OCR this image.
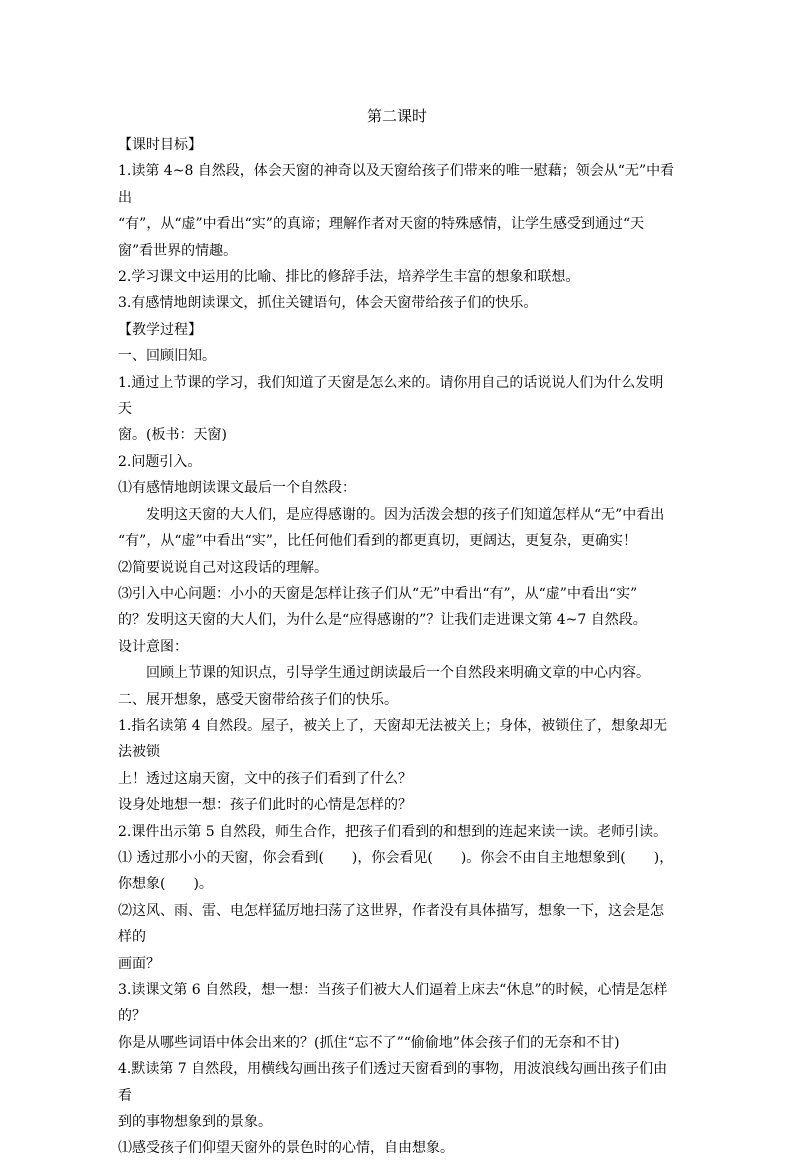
第二课时

【课时目标】

1.读第 4~8 自然段，体会天窗的神奇以及天窗给孩子们带来的唯一慰藉；领会从“无”中看出

“有”，从“虚”中看出“实”的真谛；理解作者对天窗的特殊感情，让学生感受到通过“天

窗”看世界的情趣。

2.学习课文中运用的比喻、排比的修辞手法，培养学生丰富的想象和联想。

3.有感情地朗读课文，抓住关键语句，体会天窗带给孩子们的快乐。

【教学过程】

一、回顾旧知。

1.通过上节课的学习，我们知道了天窗是怎么来的。请你用自己的话说说人们为什么发明天

窗。(板书：天窗)

2.问题引入。

⑴有感情地朗读课文最后一个自然段：

发明这天窗的大人们，是应得感谢的。因为活泼会想的孩子们知道怎样从“无”中看出

“有”，从“虚”中看出“实”，比任何他们看到的都更真切，更阔达，更复杂，更确实！

⑵简要说说自己对这段话的理解。

⑶引入中心问题：小小的天窗是怎样让孩子们从“无”中看出“有”，从“虚”中看出“实”

的？发明这天窗的大人们，为什么是“应得感谢的”？让我们走进课文第 4~7 自然段。

设计意图：

回顾上节课的知识点，引导学生通过朗读最后一个自然段来明确文章的中心内容。

二、展开想象，感受天窗带给孩子们的快乐。

1.指名读第 4 自然段。屋子，被关上了，天窗却无法被关上；身体，被锁住了，想象却无法被锁

上！透过这扇天窗，文中的孩子们看到了什么？

设身处地想一想：孩子们此时的心情是怎样的？

2.课件出示第 5 自然段，师生合作，把孩子们看到的和想到的连起来读一读。老师引读。

⑴ 透过那小小的天窗，你会看到(　　)，你会看见(　　)。你会不由自主地想象到(　　)，

你想象(　　)。

⑵这风、雨、雷、电怎样猛厉地扫荡了这世界，作者没有具体描写，想象一下，这会是怎样的

画面？

3.读课文第 6 自然段，想一想：当孩子们被大人们逼着上床去“休息”的时候，心情是怎样的？

你是从哪些词语中体会出来的？(抓住“忘不了”“偷偷地”体会孩子们的无奈和不甘)

4.默读第 7 自然段，用横线勾画出孩子们透过天窗看到的事物，用波浪线勾画出孩子们由看

到的事物想象到的景象。

⑴感受孩子们仰望天窗外的景色时的心情，自由想象。
